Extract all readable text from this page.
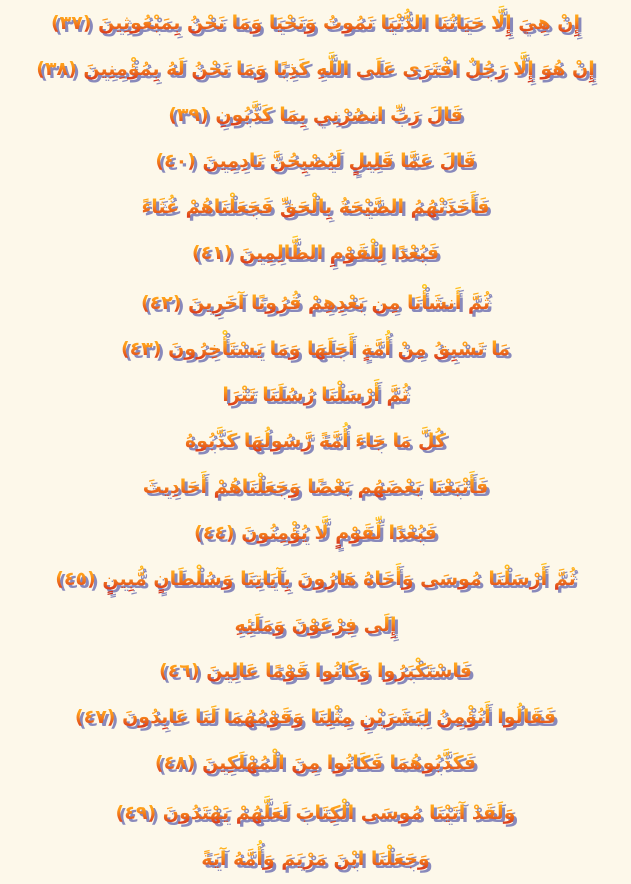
إِنْ هِيَ إِلَّا حَيَاتُنَا الدُّنْيَا نَمُوتُ وَنَحْيَا وَمَا نَحْنُ بِمَبْعُوثِينَ (٣٧)
إِنْ هُوَ إِلَّا رَجُلٌ افْتَرَى عَلَى اللَّهِ كَذِبًا وَمَا نَحْنُ لَهُ بِمُؤْمِنِينَ (٣٨)
قَالَ رَبِّ انصُرْنِي بِمَا كَذَّبُونِ (٣٩)
قَالَ عَمَّا قَلِيلٍ لَيُصْبِحُنَّ نَادِمِينَ (٤٠)
فَأَخَذَتْهُمُ الصَّيْحَةُ بِالْحَقِّ فَجَعَلْنَاهُمْ غُثَاءً
فَبُعْدًا لِلْقَوْمِ الظَّالِمِينَ (٤١)
ثُمَّ أَنشَأْنَا مِن بَعْدِهِمْ قُرُونًا آخَرِينَ (٤٢)
مَا تَسْبِقُ مِنْ أُمَّةٍ أَجَلَهَا وَمَا يَسْتَأْخِرُونَ (٤٣)
ثُمَّ أَرْسَلْنَا رُسُلَنَا تَتْرَا
كُلَّ مَا جَاءَ أُمَّةً رَّسُولُهَا كَذَّبُوهُ
فَأَتْبَعْنَا بَعْضَهُم بَعْضًا وَجَعَلْنَاهُمْ أَحَادِيثَ
فَبُعْدًا لِّقَوْمٍ لَّا يُؤْمِنُونَ (٤٤)
ثُمَّ أَرْسَلْنَا مُوسَى وَأَخَاهُ هَارُونَ بِآيَاتِنَا وَسُلْطَانٍ مُّبِينٍ (٤٥)
إِلَى فِرْعَوْنَ وَمَلَئِهِ
فَاسْتَكْبَرُوا وَكَانُوا قَوْمًا عَالِينَ (٤٦)
فَقَالُوا أَنُؤْمِنُ لِبَشَرَيْنِ مِثْلِنَا وَقَوْمُهُمَا لَنَا عَابِدُونَ (٤٧)
فَكَذَّبُوهُمَا فَكَانُوا مِنَ الْمُهْلَكِينَ (٤٨)
وَلَقَدْ آتَيْنَا مُوسَى الْكِتَابَ لَعَلَّهُمْ يَهْتَدُونَ (٤٩)
وَجَعَلْنَا ابْنَ مَرْيَمَ وَأُمَّهُ آيَةً
